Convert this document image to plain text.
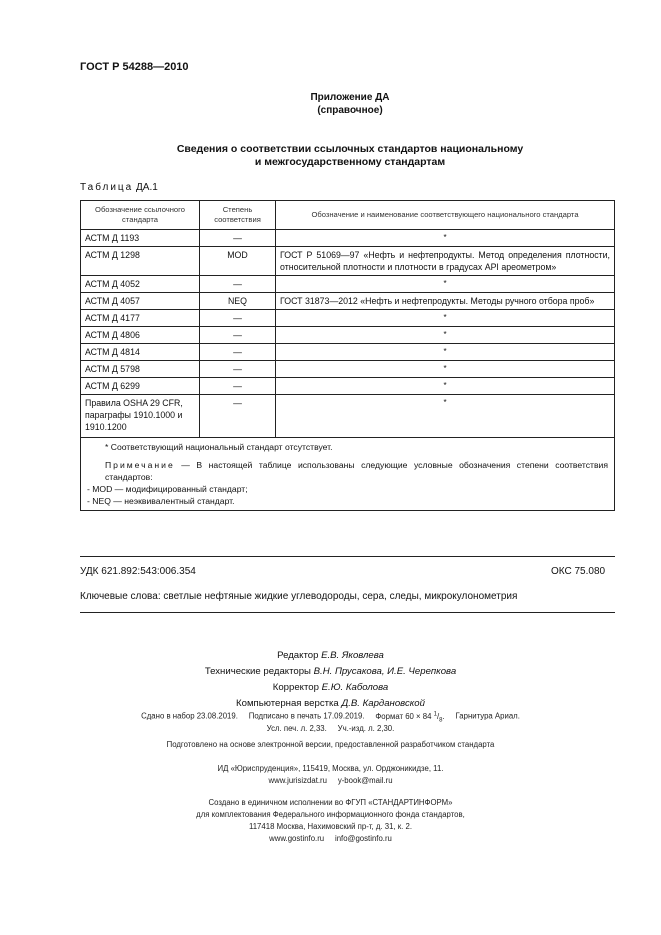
ГОСТ Р 54288—2010
Приложение ДА
(справочное)
Сведения о соответствии ссылочных стандартов национальному
и межгосударственному стандартам
Таблица ДА.1
Обозначение ссылочного стандарта	Степень соответствия	Обозначение и наименование соответствующего национального стандарта
АСТМ Д 1193	—	*
АСТМ Д 1298	MOD	ГОСТ Р 51069—97 «Нефть и нефтепродукты. Метод определения плотности, относительной плотности и плотности в градусах API ареометром»
АСТМ Д 4052	—	*
АСТМ Д 4057	NEQ	ГОСТ 31873—2012 «Нефть и нефтепродукты. Методы ручного отбора проб»
АСТМ Д 4177	—	*
АСТМ Д 4806	—	*
АСТМ Д 4814	—	*
АСТМ Д 5798	—	*
АСТМ Д 6299	—	*
Правила OSHA 29 CFR, параграфы 1910.1000 и 1910.1200	—	*

* Соответствующий национальный стандарт отсутствует.

Примечание — В настоящей таблице использованы следующие условные обозначения степени соответствия стандартов:

- MOD — модифицированный стандарт;

- NEQ — неэквивалентный стандарт.		

УДК 621.892:543:006.354	ОКС 75.080
Ключевые слова: светлые нефтяные жидкие углеводороды, сера, следы, микрокулонометрия
Редактор Е.В. Яковлева
Технические редакторы В.Н. Прусакова, И.Е. Черепкова
Корректор Е.Ю. Каболова
Компьютерная верстка Д.В. Кардановской
Сдано в набор 23.08.2019. Подписано в печать 17.09.2019. Формат 60 × 84 $^1/_8$. Гарнитура Ариал.
Усл. печ. л. 2,33. Уч.-изд. л. 2,30.
Подготовлено на основе электронной версии, предоставленной разработчиком стандарта
ИД «Юриспруденция», 115419, Москва, ул. Орджоникидзе, 11.
www.jurisizdat.ru y-book@mail.ru
Создано в единичном исполнении во ФГУП «СТАНДАРТИНФОРМ»
для комплектования Федерального информационного фонда стандартов,
117418 Москва, Нахимовский пр-т, д. 31, к. 2.
www.gostinfo.ru info@gostinfo.ru
